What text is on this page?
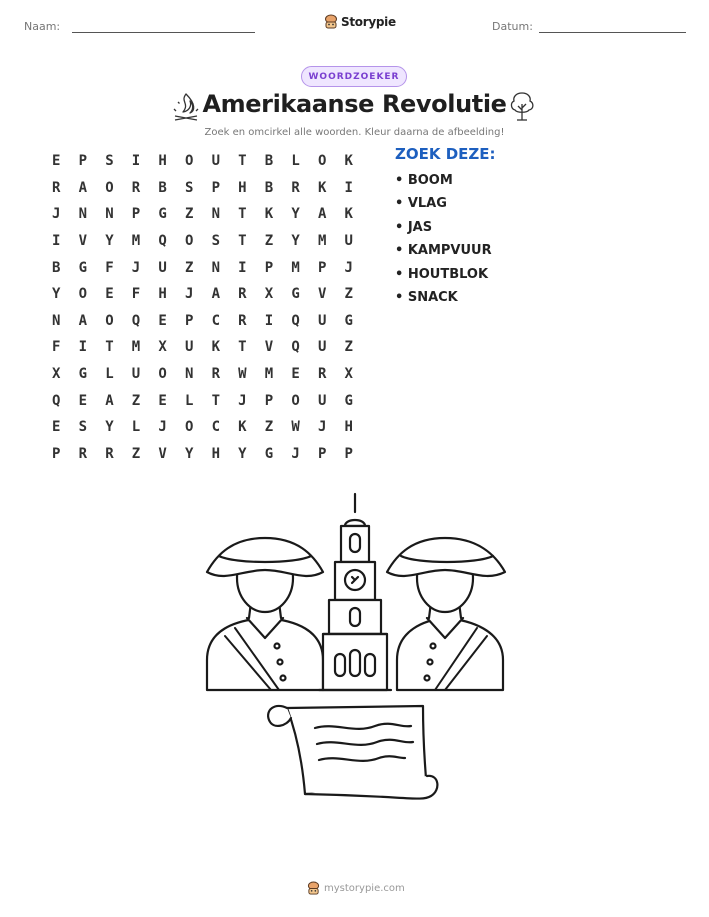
Naam:	Storypie	Datum:
WOORDZOEKER
Amerikaanse Revolutie
Zoek en omcirkel alle woorden. Kleur daarna de afbeelding!
E	P	S	I	H	O	U	T	B	L	O	K
R	A	O	R	B	S	P	H	B	R	K	I
J	N	N	P	G	Z	N	T	K	Y	A	K
I	V	Y	M	Q	O	S	T	Z	Y	M	U
B	G	F	J	U	Z	N	I	P	M	P	J
Y	O	E	F	H	J	A	R	X	G	V	Z
N	A	O	Q	E	P	C	R	I	Q	U	G
F	I	T	M	X	U	K	T	V	Q	U	Z
X	G	L	U	O	N	R	W	M	E	R	X
Q	E	A	Z	E	L	T	J	P	O	U	G
E	S	Y	L	J	O	C	K	Z	W	J	H
P	R	R	Z	V	Y	H	Y	G	J	P	P
ZOEK DEZE:
• BOOM
• VLAG
• JAS
• KAMPVUUR
• HOUTBLOK
• SNACK
mystorypie.com
